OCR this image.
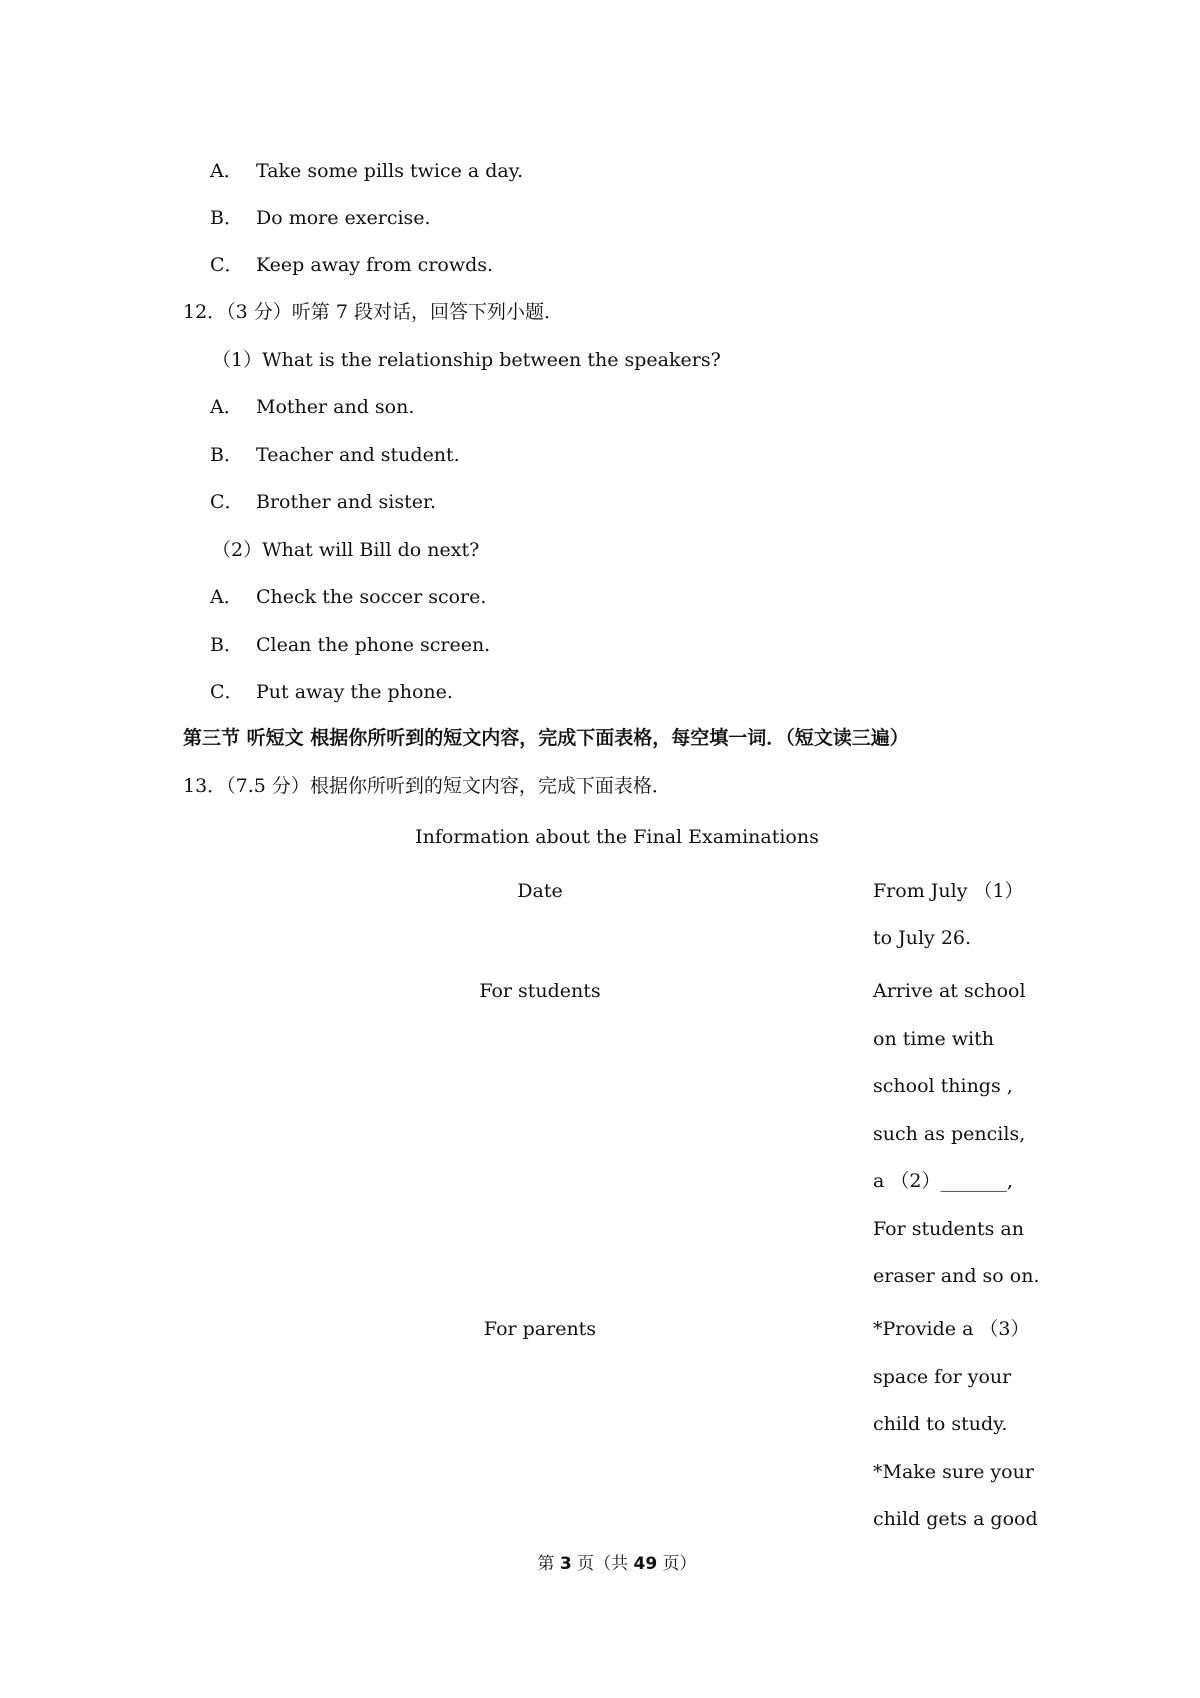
A． Take some pills twice a day.
B． Do more exercise.
C． Keep away from crowds.
12．（3 分）听第 7 段对话，回答下列小题．
（1）What is the relationship between the speakers?
A． Mother and son.
B． Teacher and student.
C． Brother and sister.
（2）What will Bill do next?
A． Check the soccer score.
B． Clean the phone screen.
C． Put away the phone.
第三节 听短文 根据你所听到的短文内容，完成下面表格，每空填一词．（短文读三遍）
13．（7.5 分）根据你所听到的短文内容，完成下面表格．
Information about the Final Examinations
Date	From July （1）
to July 26.
For students	Arrive at school
on time with
school things ,
such as pencils,
a （2）_______,
For students an
eraser and so on.
For parents	*Provide a （3）
space for your
child to study.
*Make sure your
child gets a good
第 3 页（共 49 页）
